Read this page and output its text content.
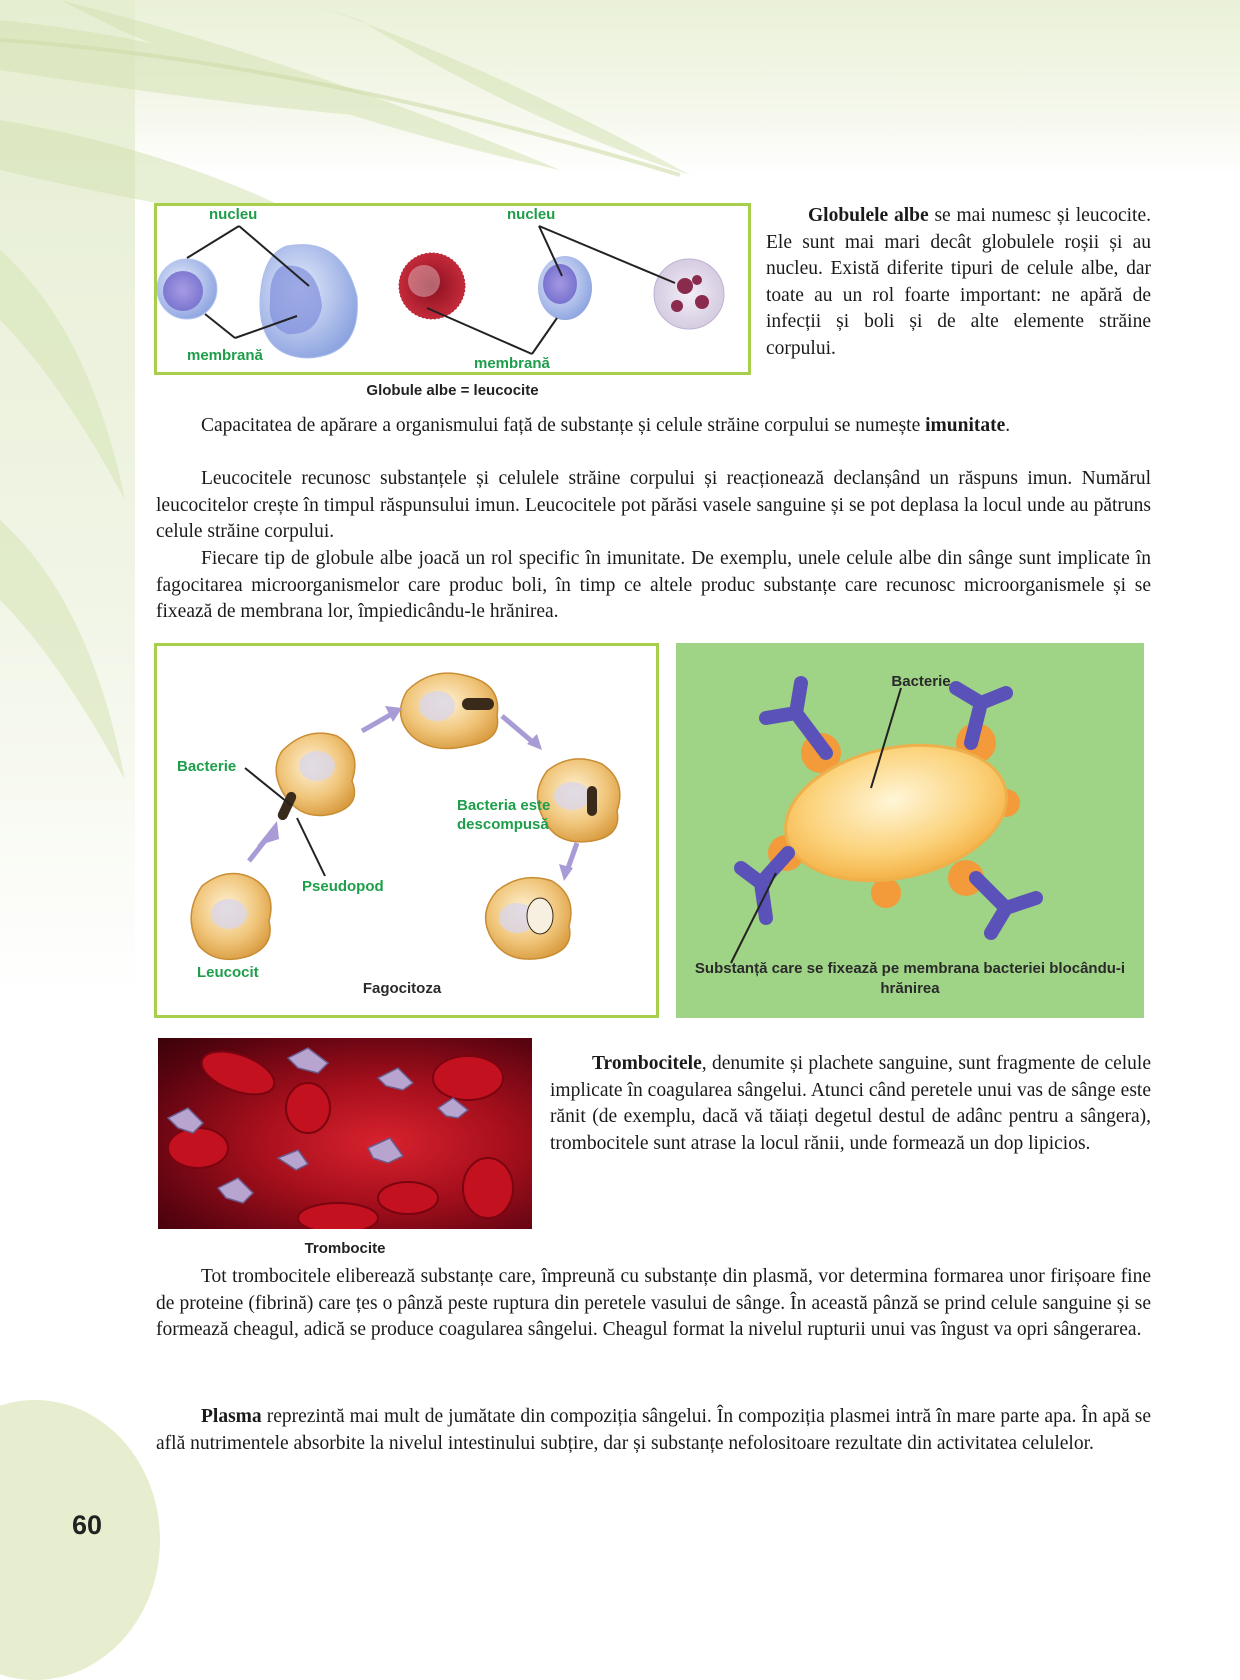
nucleu	nucleu
membrană	membrană
Globule albe = leucocite

Globulele albe se mai numesc și leucocite. Ele sunt mai mari decât globulele roșii și au nucleu. Există diferite tipuri de celule albe, dar toate au un rol foarte important: ne apără de infecții și boli și de alte elemente străine corpului.

Capacitatea de apărare a organismului față de substanțe și celule străine corpului se numește imunitate.

Leucocitele recunosc substanțele și celulele străine corpului și reacționează declanșând un răspuns imun. Numărul leucocitelor crește în timpul răspunsului imun. Leucocitele pot părăsi vasele sanguine și se pot deplasa la locul unde au pătruns celule străine corpului.

Fiecare tip de globule albe joacă un rol specific în imunitate. De exemplu, unele celule albe din sânge sunt implicate în fagocitarea microorganismelor care produc boli, în timp ce altele produc substanțe care recunosc microorganismele și se fixează de membrana lor, împiedicându-le hrănirea.

Bacterie
Pseudopod
Leucocit
Bacteria este descompusă
Fagocitoza
Bacterie
Substanță care se fixează pe membrana bacteriei blocându-i hrănirea
Trombocite

Trombocitele, denumite și plachete sanguine, sunt fragmente de celule implicate în coagularea sângelui. Atunci când peretele unui vas de sânge este rănit (de exemplu, dacă vă tăiați degetul destul de adânc pentru a sângera), trombocitele sunt atrase la locul rănii, unde formează un dop lipicios.

Tot trombocitele eliberează substanțe care, împreună cu substanțe din plasmă, vor determina formarea unor firișoare fine de proteine (fibrină) care țes o pânză peste ruptura din peretele vasului de sânge. În această pânză se prind celule sanguine și se formează cheagul, adică se produce coagularea sângelui. Cheagul format la nivelul rupturii unui vas îngust va opri sângerarea.

Plasma reprezintă mai mult de jumătate din compoziția sângelui. În compoziția plasmei intră în mare parte apa. În apă se află nutrimentele absorbite la nivelul intestinului subțire, dar și substanțe nefolositoare rezultate din activitatea celulelor.

60
